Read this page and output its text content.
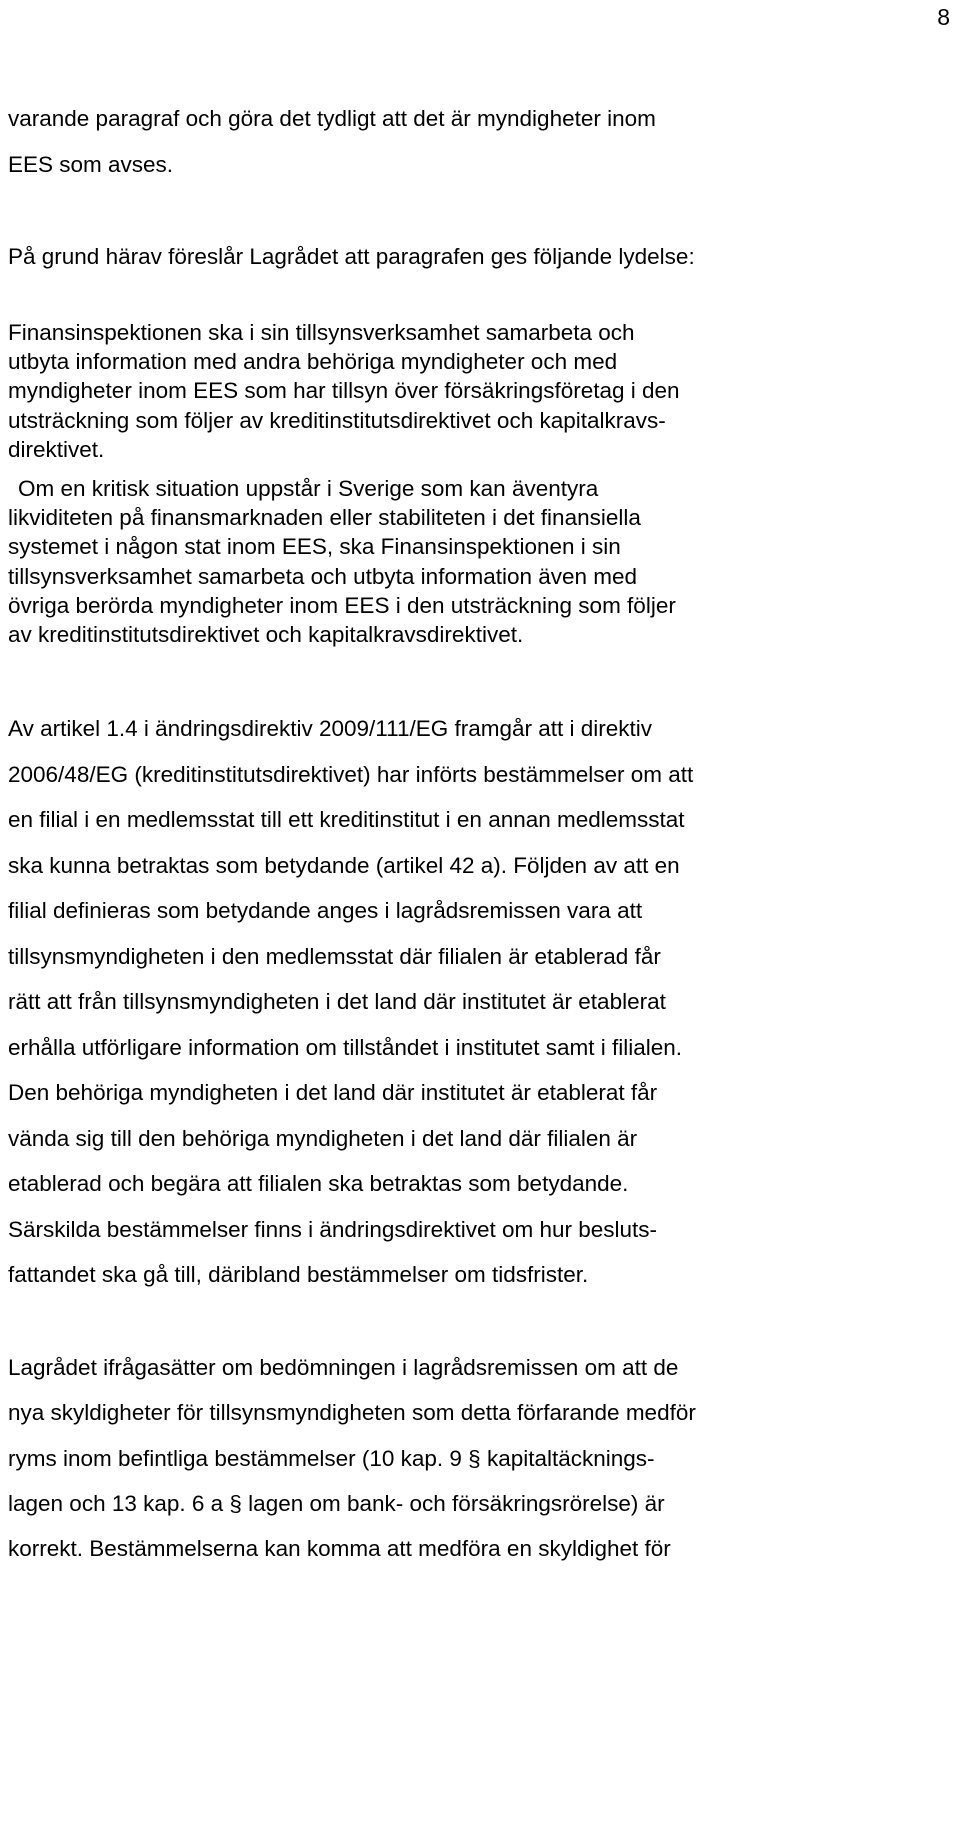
8

varande paragraf och göra det tydligt att det är myndigheter inom
EES som avses.

På grund härav föreslår Lagrådet att paragrafen ges följande lydelse:

Finansinspektionen ska i sin tillsynsverksamhet samarbeta och
utbyta information med andra behöriga myndigheter och med
myndigheter inom EES som har tillsyn över försäkringsföretag i den
utsträckning som följer av kreditinstitutsdirektivet och kapitalkravs-
direktivet.

Om en kritisk situation uppstår i Sverige som kan äventyra
likviditeten på finansmarknaden eller stabiliteten i det finansiella
systemet i någon stat inom EES, ska Finansinspektionen i sin
tillsynsverksamhet samarbeta och utbyta information även med
övriga berörda myndigheter inom EES i den utsträckning som följer
av kreditinstitutsdirektivet och kapitalkravsdirektivet.

Av artikel 1.4 i ändringsdirektiv 2009/111/EG framgår att i direktiv
2006/48/EG (kreditinstitutsdirektivet) har införts bestämmelser om att
en filial i en medlemsstat till ett kreditinstitut i en annan medlemsstat
ska kunna betraktas som betydande (artikel 42 a). Följden av att en
filial definieras som betydande anges i lagrådsremissen vara att
tillsynsmyndigheten i den medlemsstat där filialen är etablerad får
rätt att från tillsynsmyndigheten i det land där institutet är etablerat
erhålla utförligare information om tillståndet i institutet samt i filialen.
Den behöriga myndigheten i det land där institutet är etablerat får
vända sig till den behöriga myndigheten i det land där filialen är
etablerad och begära att filialen ska betraktas som betydande.
Särskilda bestämmelser finns i ändringsdirektivet om hur besluts-
fattandet ska gå till, däribland bestämmelser om tidsfrister.

Lagrådet ifrågasätter om bedömningen i lagrådsremissen om att de
nya skyldigheter för tillsynsmyndigheten som detta förfarande medför
ryms inom befintliga bestämmelser (10 kap. 9 § kapitaltäcknings-
lagen och 13 kap. 6 a § lagen om bank- och försäkringsrörelse) är
korrekt. Bestämmelserna kan komma att medföra en skyldighet för
